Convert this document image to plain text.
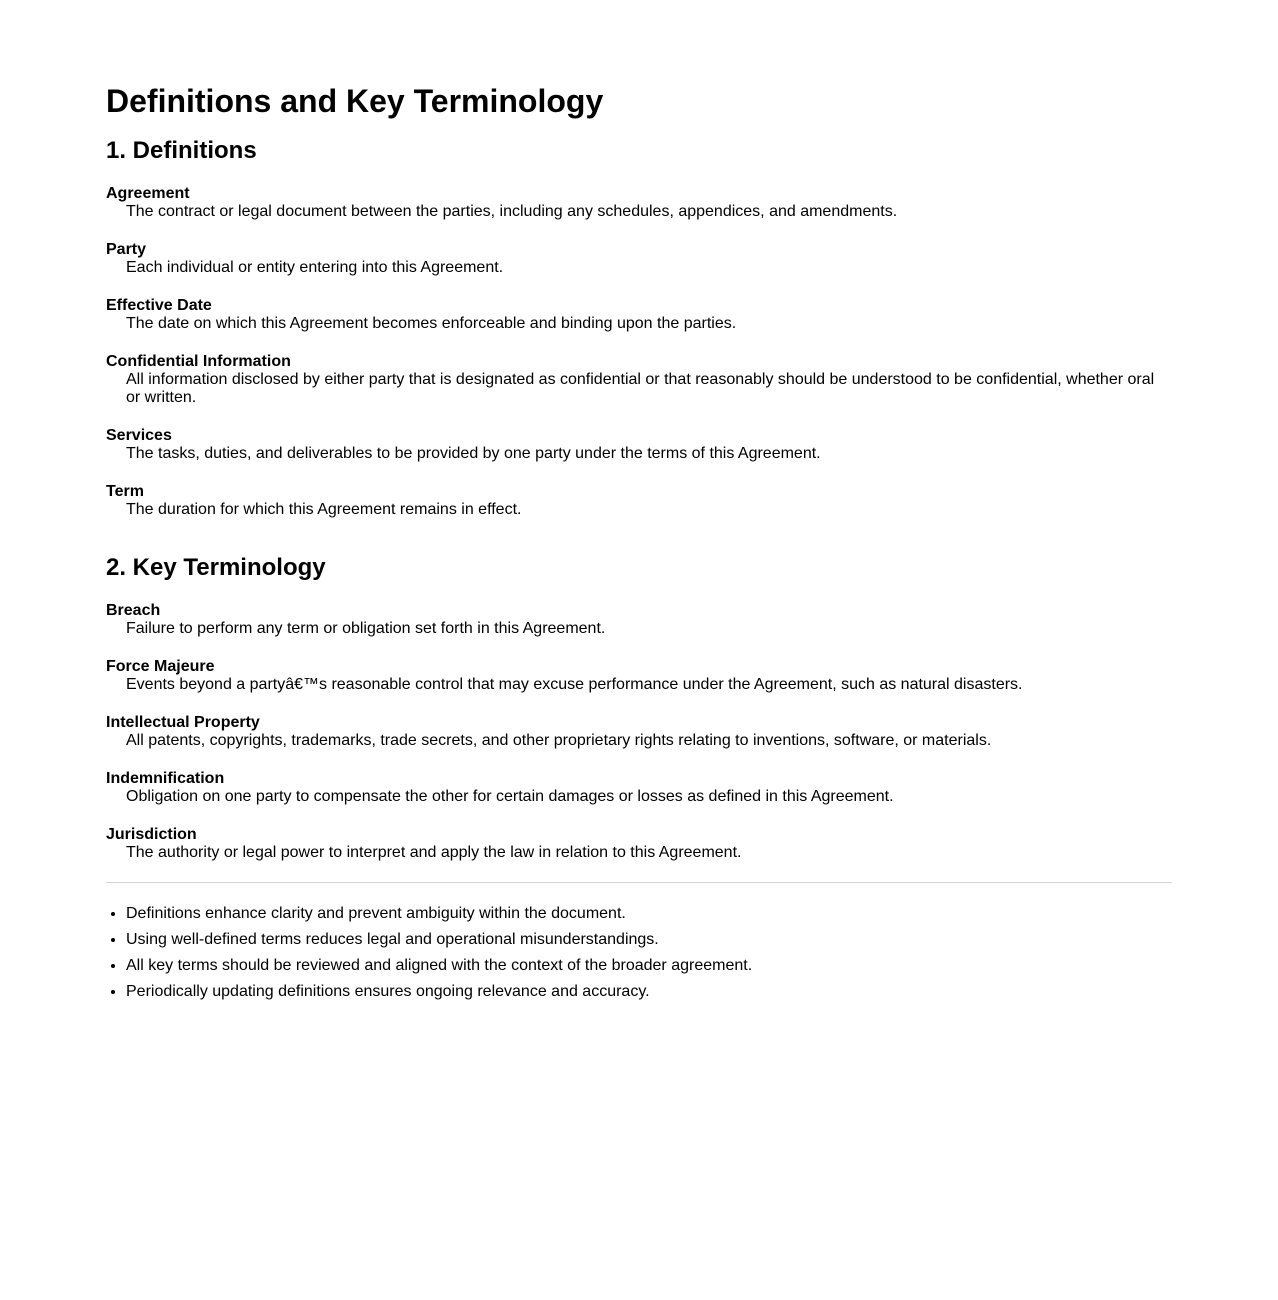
Definitions and Key Terminology
1. Definitions
Agreement
The contract or legal document between the parties, including any schedules, appendices, and amendments.
Party
Each individual or entity entering into this Agreement.
Effective Date
The date on which this Agreement becomes enforceable and binding upon the parties.
Confidential Information
All information disclosed by either party that is designated as confidential or that reasonably should be understood to be confidential, whether oral or written.
Services
The tasks, duties, and deliverables to be provided by one party under the terms of this Agreement.
Term
The duration for which this Agreement remains in effect.
2. Key Terminology
Breach
Failure to perform any term or obligation set forth in this Agreement.
Force Majeure
Events beyond a partyâ€™s reasonable control that may excuse performance under the Agreement, such as natural disasters.
Intellectual Property
All patents, copyrights, trademarks, trade secrets, and other proprietary rights relating to inventions, software, or materials.
Indemnification
Obligation on one party to compensate the other for certain damages or losses as defined in this Agreement.
Jurisdiction
The authority or legal power to interpret and apply the law in relation to this Agreement.
• Definitions enhance clarity and prevent ambiguity within the document.
• Using well-defined terms reduces legal and operational misunderstandings.
• All key terms should be reviewed and aligned with the context of the broader agreement.
• Periodically updating definitions ensures ongoing relevance and accuracy.
